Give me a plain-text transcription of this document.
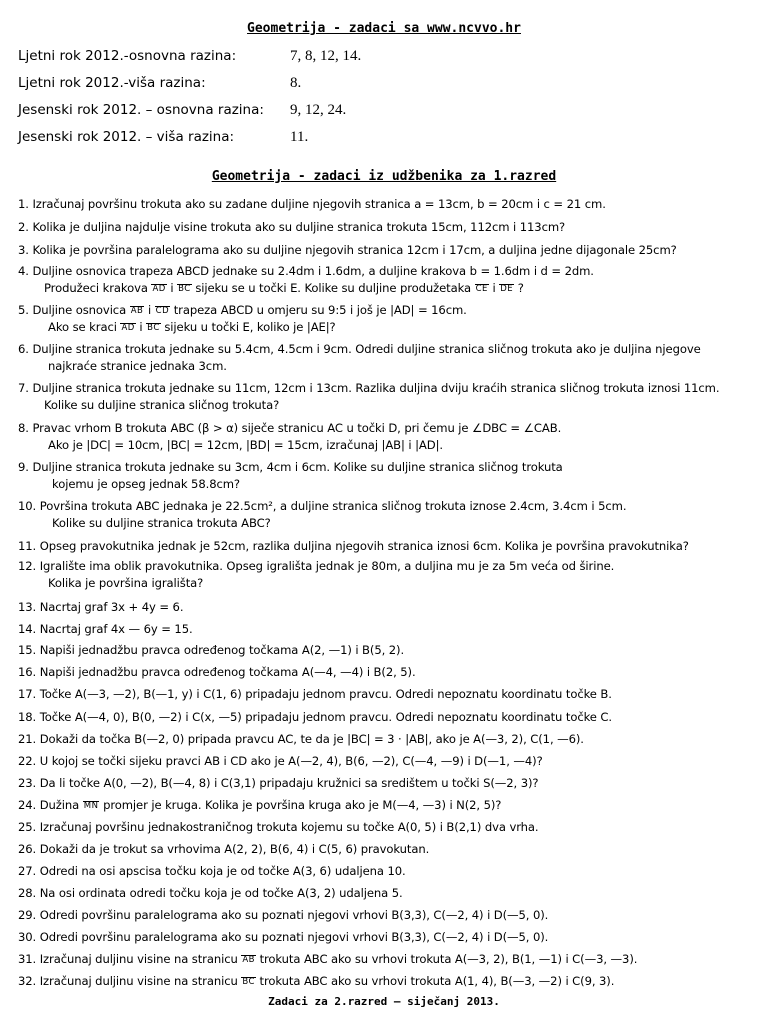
Geometrija - zadaci sa www.ncvvo.hr
Ljetni rok 2012.-osnovna razina:	7, 8, 12, 14.
Ljetni rok 2012.-viša razina:	8.
Jesenski rok 2012. – osnovna razina: 9, 12, 24.
Jesenski rok 2012. – viša razina:	11.
Geometrija - zadaci iz udžbenika za 1.razred
1. Izračunaj površinu trokuta ako su zadane duljine njegovih stranica a = 13cm, b = 20cm i c = 21 cm.
2. Kolika je duljina najdulje visine trokuta ako su duljine stranica trokuta 15cm, 112cm i 113cm?
3. Kolika je površina paralelograma ako su duljine njegovih stranica 12cm i 17cm, a duljina jedne dijagonale 25cm?
4. Duljine osnovica trapeza ABCD jednake su 2.4dm i 1.6dm, a duljine krakova b = 1.6dm i d = 2dm.
Produžeci krakova AD i BC sijeku se u točki E. Kolike su duljine produžetaka CE i DE ?
5. Duljine osnovica AB i CD trapeza ABCD u omjeru su 9:5 i još je |AD| = 16cm.
Ako se kraci AD i BC sijeku u točki E, koliko je |AE|?
6. Duljine stranica trokuta jednake su 5.4cm, 4.5cm i 9cm. Odredi duljine stranica sličnog trokuta ako je duljina njegove
najkraće stranice jednaka 3cm.
7. Duljine stranica trokuta jednake su 11cm, 12cm i 13cm. Razlika duljina dviju kraćih stranica sličnog trokuta iznosi 11cm.
Kolike su duljine stranica sličnog trokuta?
8. Pravac vrhom B trokuta ABC (β > α) siječe stranicu AC u točki D, pri čemu je ∠DBC = ∠CAB.
Ako je |DC| = 10cm, |BC| = 12cm, |BD| = 15cm, izračunaj |AB| i |AD|.
9. Duljine stranica trokuta jednake su 3cm, 4cm i 6cm. Kolike su duljine stranica sličnog trokuta
kojemu je opseg jednak 58.8cm?
10. Površina trokuta ABC jednaka je 22.5cm², a duljine stranica sličnog trokuta iznose 2.4cm, 3.4cm i 5cm.
Kolike su duljine stranica trokuta ABC?
11. Opseg pravokutnika jednak je 52cm, razlika duljina njegovih stranica iznosi 6cm. Kolika je površina pravokutnika?
12. Igralište ima oblik pravokutnika. Opseg igrališta jednak je 80m, a duljina mu je za 5m veća od širine.
Kolika je površina igrališta?
13. Nacrtaj graf 3x + 4y = 6.
14. Nacrtaj graf 4x — 6y = 15.
15. Napiši jednadžbu pravca određenog točkama A(2, —1) i B(5, 2).
16. Napiši jednadžbu pravca određenog točkama A(—4, —4) i B(2, 5).
17. Točke A(—3, —2), B(—1, y) i C(1, 6) pripadaju jednom pravcu. Odredi nepoznatu koordinatu točke B.
18. Točke A(—4, 0), B(0, —2) i C(x, —5) pripadaju jednom pravcu. Odredi nepoznatu koordinatu točke C.
21. Dokaži da točka B(—2, 0) pripada pravcu AC, te da je |BC| = 3 · |AB|, ako je A(—3, 2), C(1, —6).
22. U kojoj se točki sijeku pravci AB i CD ako je A(—2, 4), B(6, —2), C(—4, —9) i D(—1, —4)?
23. Da li točke A(0, —2), B(—4, 8) i C(3,1) pripadaju kružnici sa središtem u točki S(—2, 3)?
24. Dužina MN promjer je kruga. Kolika je površina kruga ako je M(—4, —3) i N(2, 5)?
25. Izračunaj površinu jednakostraničnog trokuta kojemu su točke A(0, 5) i B(2,1) dva vrha.
26. Dokaži da je trokut sa vrhovima A(2, 2), B(6, 4) i C(5, 6) pravokutan.
27. Odredi na osi apscisa točku koja je od točke A(3, 6) udaljena 10.
28. Na osi ordinata odredi točku koja je od točke A(3, 2) udaljena 5.
29. Odredi površinu paralelograma ako su poznati njegovi vrhovi B(3,3), C(—2, 4) i D(—5, 0).
30. Odredi površinu paralelograma ako su poznati njegovi vrhovi B(3,3), C(—2, 4) i D(—5, 0).
31. Izračunaj duljinu visine na stranicu AB trokuta ABC ako su vrhovi trokuta A(—3, 2), B(1, —1) i C(—3, —3).
32. Izračunaj duljinu visine na stranicu BC trokuta ABC ako su vrhovi trokuta A(1, 4), B(—3, —2) i C(9, 3).
Zadaci za 2.razred – siječanj 2013.
